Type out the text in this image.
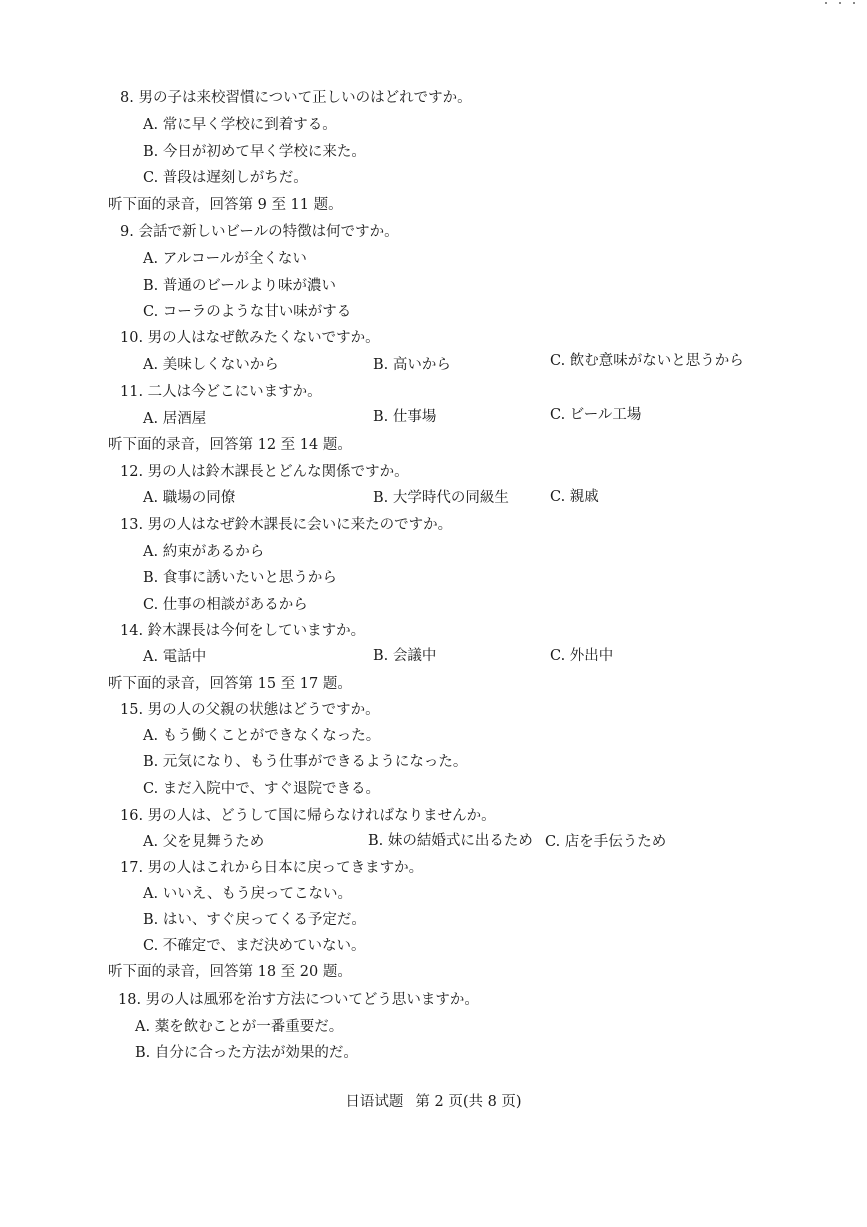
8. 男の子は来校習慣について正しいのはどれですか。
A. 常に早く学校に到着する。
B. 今日が初めて早く学校に来た。
C. 普段は遅刻しがちだ。
听下面的录音，回答第 9 至 11 题。
9. 会話で新しいビールの特徴は何ですか。
A. アルコールが全くない
B. 普通のビールより味が濃い
C. コーラのような甘い味がする
10. 男の人はなぜ飲みたくないですか。
A. 美味しくないから	B. 高いから	C. 飲む意味がないと思うから
11. 二人は今どこにいますか。
A. 居酒屋	B. 仕事場	C. ビール工場
听下面的录音，回答第 12 至 14 题。
12. 男の人は鈴木課長とどんな関係ですか。
A. 職場の同僚	B. 大学時代の同級生	C. 親戚
13. 男の人はなぜ鈴木課長に会いに来たのですか。
A. 約束があるから
B. 食事に誘いたいと思うから
C. 仕事の相談があるから
14. 鈴木課長は今何をしていますか。
A. 電話中	B. 会議中	C. 外出中
听下面的录音，回答第 15 至 17 题。
15. 男の人の父親の状態はどうですか。
A. もう働くことができなくなった。
B. 元気になり、もう仕事ができるようになった。
C. まだ入院中で、すぐ退院できる。
16. 男の人は、どうして国に帰らなければなりませんか。
A. 父を見舞うため	B. 妹の結婚式に出るため C. 店を手伝うため
17. 男の人はこれから日本に戻ってきますか。
A. いいえ、もう戻ってこない。
B. はい、すぐ戻ってくる予定だ。
C. 不確定で、まだ決めていない。
听下面的录音，回答第 18 至 20 题。
18. 男の人は風邪を治す方法についてどう思いますか。
A. 薬を飲むことが一番重要だ。
B. 自分に合った方法が効果的だ。
日语试题 第 2 页(共 8 页)
